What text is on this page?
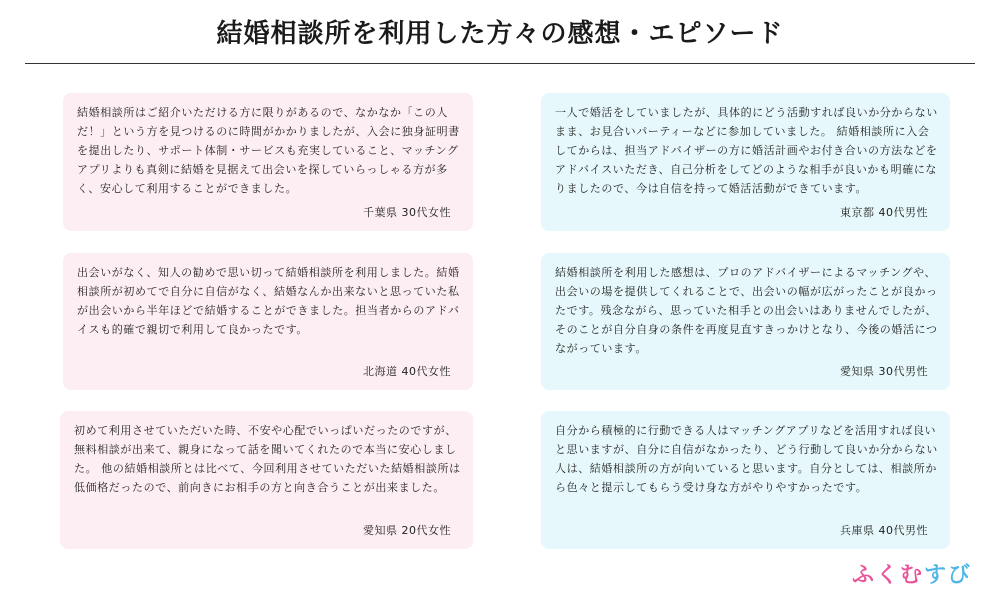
結婚相談所を利用した方々の感想・エピソード

結婚相談所はご紹介いただける方に限りがあるので、なかなか「この人だ！」という方を見つけるのに時間がかかりましたが、入会に独身証明書を提出したり、サポート体制・サービスも充実していること、マッチングアプリよりも真剣に結婚を見据えて出会いを探していらっしゃる方が多く、安心して利用することができました。

千葉県 30代女性

出会いがなく、知人の勧めで思い切って結婚相談所を利用しました。結婚相談所が初めてで自分に自信がなく、結婚なんか出来ないと思っていた私が出会いから半年ほどで結婚することができました。担当者からのアドバイスも的確で親切で利用して良かったです。

北海道 40代女性

初めて利用させていただいた時、不安や心配でいっぱいだったのですが、無料相談が出来て、親身になって話を聞いてくれたので本当に安心しました。 他の結婚相談所とは比べて、今回利用させていただいた結婚相談所は低価格だったので、前向きにお相手の方と向き合うことが出来ました。

愛知県 20代女性

一人で婚活をしていましたが、具体的にどう活動すれば良いか分からないまま、お見合いパーティーなどに参加していました。 結婚相談所に入会してからは、担当アドバイザーの方に婚活計画やお付き合いの方法などをアドバイスいただき、自己分析をしてどのような相手が良いかも明確になりましたので、今は自信を持って婚活活動ができています。

東京都 40代男性

結婚相談所を利用した感想は、プロのアドバイザーによるマッチングや、出会いの場を提供してくれることで、出会いの幅が広がったことが良かったです。残念ながら、思っていた相手との出会いはありませんでしたが、そのことが自分自身の条件を再度見直すきっかけとなり、今後の婚活につながっています。

愛知県 30代男性

自分から積極的に行動できる人はマッチングアプリなどを活用すれば良いと思いますが、自分に自信がなかったり、どう行動して良いか分からない人は、結婚相談所の方が向いていると思います。自分としては、相談所から色々と提示してもらう受け身な方がやりやすかったです。

兵庫県 40代男性
ふくむすび
